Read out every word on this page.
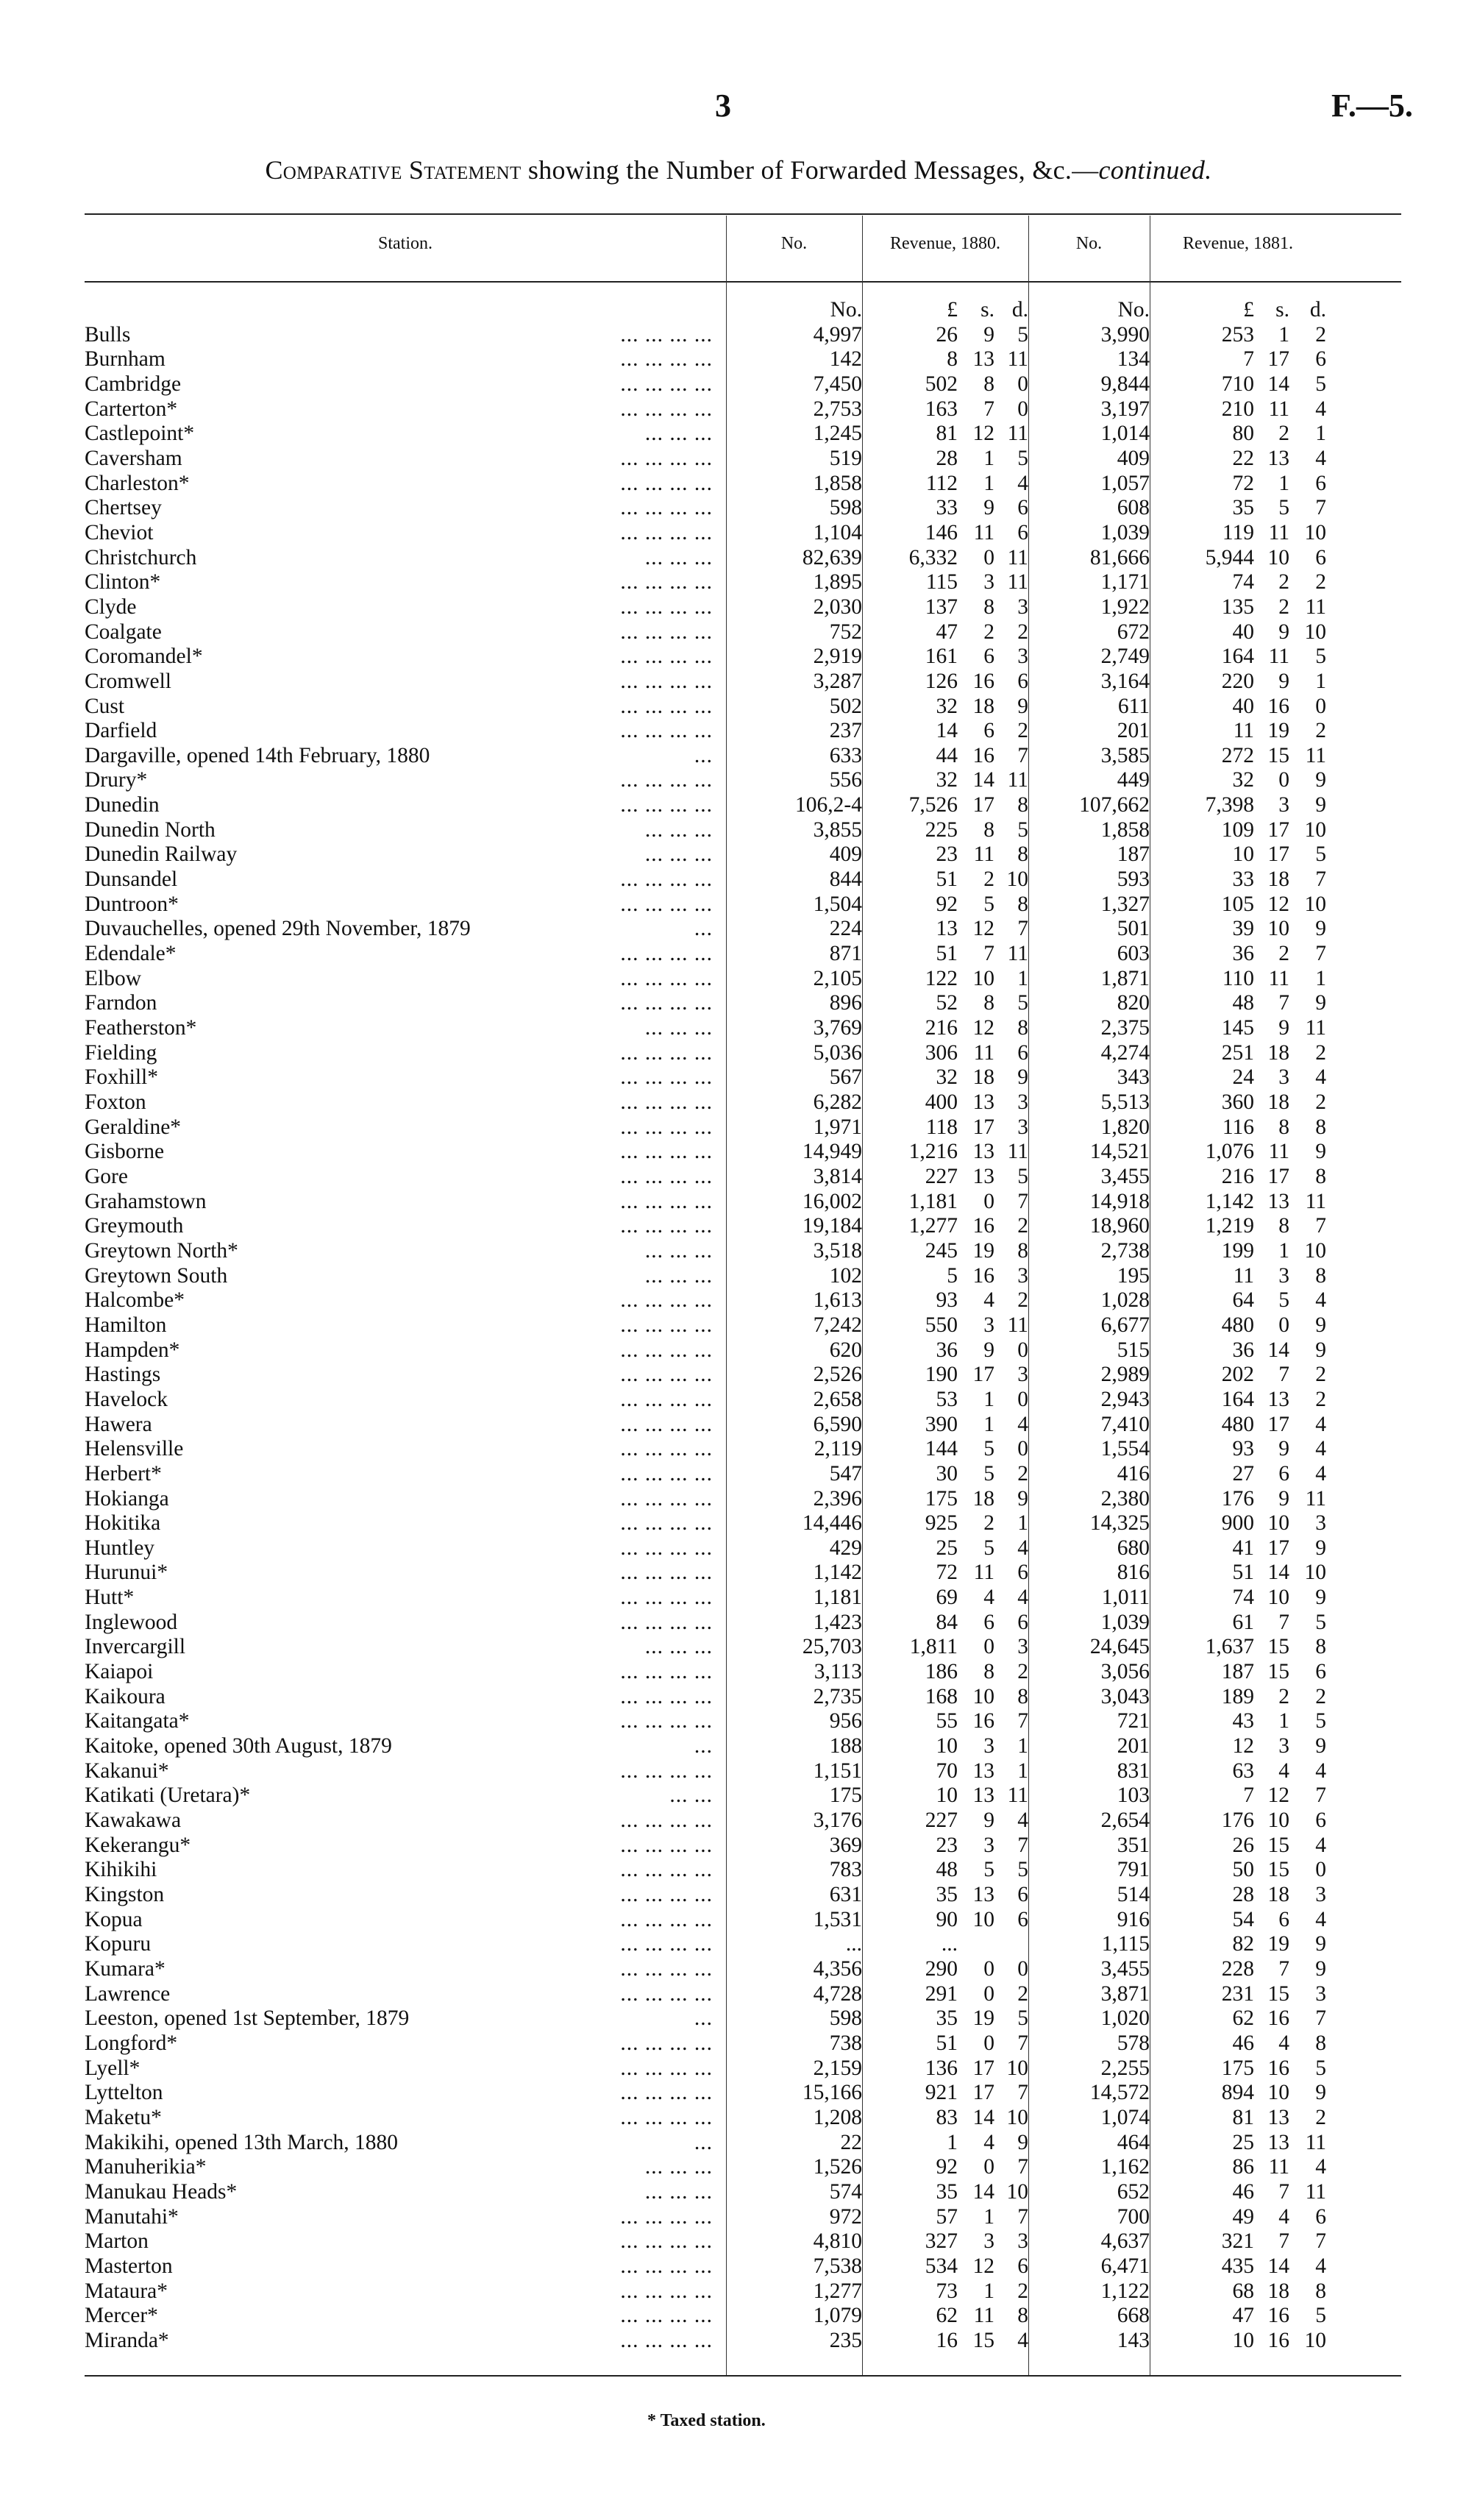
3	F.—5.
Comparative Statement showing the Number of Forwarded Messages, &c.—continued.
Station.	No.	Revenue, 1880.	No.	Revenue, 1881.
	No.	£ s. d.	No.	£ s. d.
Bulls ... ... ... ...	4,997	26 9 5	3,990	253 1 2
Burnham ... ... ... ...	142	8 13 11	134	7 17 6
Cambridge ... ... ... ...	7,450	502 8 0	9,844	710 14 5
Carterton* ... ... ... ...	2,753	163 7 0	3,197	210 11 4
Castlepoint* ... ... ...	1,245	81 12 11	1,014	80 2 1
Caversham ... ... ... ...	519	28 1 5	409	22 13 4
Charleston* ... ... ... ...	1,858	112 1 4	1,057	72 1 6
Chertsey ... ... ... ...	598	33 9 6	608	35 5 7
Cheviot ... ... ... ...	1,104	146 11 6	1,039	119 11 10
Christchurch ... ... ...	82,639	6,332 0 11	81,666	5,944 10 6
Clinton* ... ... ... ...	1,895	115 3 11	1,171	74 2 2
Clyde ... ... ... ...	2,030	137 8 3	1,922	135 2 11
Coalgate ... ... ... ...	752	47 2 2	672	40 9 10
Coromandel* ... ... ... ...	2,919	161 6 3	2,749	164 11 5
Cromwell ... ... ... ...	3,287	126 16 6	3,164	220 9 1
Cust ... ... ... ...	502	32 18 9	611	40 16 0
Darfield ... ... ... ...	237	14 6 2	201	11 19 2
Dargaville, opened 14th February, 1880 ...	633	44 16 7	3,585	272 15 11
Drury* ... ... ... ...	556	32 14 11	449	32 0 9
Dunedin ... ... ... ...	106,2-4	7,526 17 8	107,662	7,398 3 9
Dunedin North ... ... ...	3,855	225 8 5	1,858	109 17 10
Dunedin Railway ... ... ...	409	23 11 8	187	10 17 5
Dunsandel ... ... ... ...	844	51 2 10	593	33 18 7
Duntroon* ... ... ... ...	1,504	92 5 8	1,327	105 12 10
Duvauchelles, opened 29th November, 1879 ...	224	13 12 7	501	39 10 9
Edendale* ... ... ... ...	871	51 7 11	603	36 2 7
Elbow ... ... ... ...	2,105	122 10 1	1,871	110 11 1
Farndon ... ... ... ...	896	52 8 5	820	48 7 9
Featherston* ... ... ...	3,769	216 12 8	2,375	145 9 11
Fielding ... ... ... ...	5,036	306 11 6	4,274	251 18 2
Foxhill* ... ... ... ...	567	32 18 9	343	24 3 4
Foxton ... ... ... ...	6,282	400 13 3	5,513	360 18 2
Geraldine* ... ... ... ...	1,971	118 17 3	1,820	116 8 8
Gisborne ... ... ... ...	14,949	1,216 13 11	14,521	1,076 11 9
Gore ... ... ... ...	3,814	227 13 5	3,455	216 17 8
Grahamstown ... ... ... ...	16,002	1,181 0 7	14,918	1,142 13 11
Greymouth ... ... ... ...	19,184	1,277 16 2	18,960	1,219 8 7
Greytown North* ... ... ...	3,518	245 19 8	2,738	199 1 10
Greytown South ... ... ...	102	5 16 3	195	11 3 8
Halcombe* ... ... ... ...	1,613	93 4 2	1,028	64 5 4
Hamilton ... ... ... ...	7,242	550 3 11	6,677	480 0 9
Hampden* ... ... ... ...	620	36 9 0	515	36 14 9
Hastings ... ... ... ...	2,526	190 17 3	2,989	202 7 2
Havelock ... ... ... ...	2,658	53 1 0	2,943	164 13 2
Hawera ... ... ... ...	6,590	390 1 4	7,410	480 17 4
Helensville ... ... ... ...	2,119	144 5 0	1,554	93 9 4
Herbert* ... ... ... ...	547	30 5 2	416	27 6 4
Hokianga ... ... ... ...	2,396	175 18 9	2,380	176 9 11
Hokitika ... ... ... ...	14,446	925 2 1	14,325	900 10 3
Huntley ... ... ... ...	429	25 5 4	680	41 17 9
Hurunui* ... ... ... ...	1,142	72 11 6	816	51 14 10
Hutt* ... ... ... ...	1,181	69 4 4	1,011	74 10 9
Inglewood ... ... ... ...	1,423	84 6 6	1,039	61 7 5
Invercargill ... ... ...	25,703	1,811 0 3	24,645	1,637 15 8
Kaiapoi ... ... ... ...	3,113	186 8 2	3,056	187 15 6
Kaikoura ... ... ... ...	2,735	168 10 8	3,043	189 2 2
Kaitangata* ... ... ... ...	956	55 16 7	721	43 1 5
Kaitoke, opened 30th August, 1879 ...	188	10 3 1	201	12 3 9
Kakanui* ... ... ... ...	1,151	70 13 1	831	63 4 4
Katikati (Uretara)* ... ...	175	10 13 11	103	7 12 7
Kawakawa ... ... ... ...	3,176	227 9 4	2,654	176 10 6
Kekerangu* ... ... ... ...	369	23 3 7	351	26 15 4
Kihikihi ... ... ... ...	783	48 5 5	791	50 15 0
Kingston ... ... ... ...	631	35 13 6	514	28 18 3
Kopua ... ... ... ...	1,531	90 10 6	916	54 6 4
Kopuru ... ... ... ...	...	...	1,115	82 19 9
Kumara* ... ... ... ...	4,356	290 0 0	3,455	228 7 9
Lawrence ... ... ... ...	4,728	291 0 2	3,871	231 15 3
Leeston, opened 1st September, 1879 ...	598	35 19 5	1,020	62 16 7
Longford* ... ... ... ...	738	51 0 7	578	46 4 8
Lyell* ... ... ... ...	2,159	136 17 10	2,255	175 16 5
Lyttelton ... ... ... ...	15,166	921 17 7	14,572	894 10 9
Maketu* ... ... ... ...	1,208	83 14 10	1,074	81 13 2
Makikihi, opened 13th March, 1880 ...	22	1 4 9	464	25 13 11
Manuherikia* ... ... ...	1,526	92 0 7	1,162	86 11 4
Manukau Heads* ... ... ...	574	35 14 10	652	46 7 11
Manutahi* ... ... ... ...	972	57 1 7	700	49 4 6
Marton ... ... ... ...	4,810	327 3 3	4,637	321 7 7
Masterton ... ... ... ...	7,538	534 12 6	6,471	435 14 4
Mataura* ... ... ... ...	1,277	73 1 2	1,122	68 18 8
Mercer* ... ... ... ...	1,079	62 11 8	668	47 16 5
Miranda* ... ... ... ...	235	16 15 4	143	10 16 10
* Taxed station.
